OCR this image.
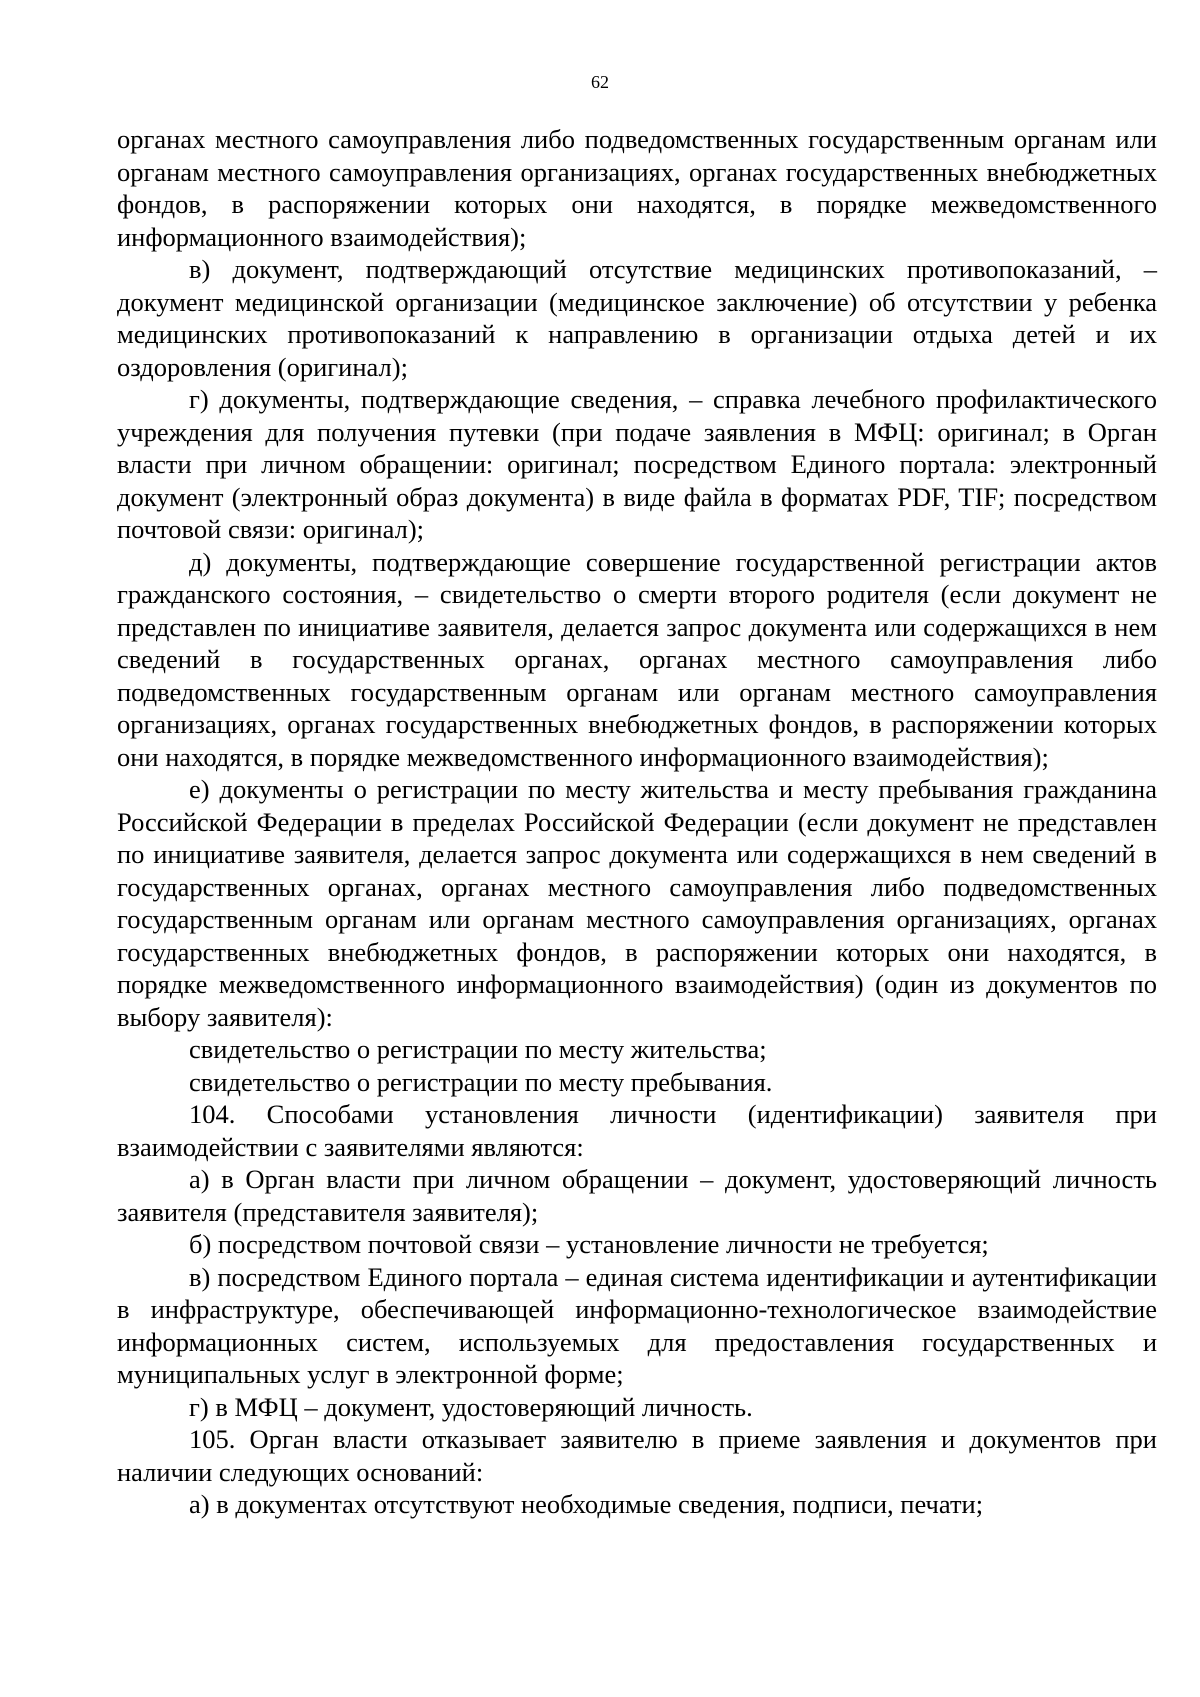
62

органах местного самоуправления либо подведомственных государственным органам или органам местного самоуправления организациях, органах государственных внебюджетных фондов, в распоряжении которых они находятся, в порядке межведомственного информационного взаимодействия);

в) документ, подтверждающий отсутствие медицинских противопоказаний, – документ медицинской организации (медицинское заключение) об отсутствии у ребенка медицинских противопоказаний к направлению в организации отдыха детей и их оздоровления (оригинал);

г) документы, подтверждающие сведения, – справка лечебного профилактического учреждения для получения путевки (при подаче заявления в МФЦ: оригинал; в Орган власти при личном обращении: оригинал; посредством Единого портала: электронный документ (электронный образ документа) в виде файла в форматах PDF, TIF; посредством почтовой связи: оригинал);

д) документы, подтверждающие совершение государственной регистрации актов гражданского состояния, – свидетельство о смерти второго родителя (если документ не представлен по инициативе заявителя, делается запрос документа или содержащихся в нем сведений в государственных органах, органах местного самоуправления либо подведомственных государственным органам или органам местного самоуправления организациях, органах государственных внебюджетных фондов, в распоряжении которых они находятся, в порядке межведомственного информационного взаимодействия);

е) документы о регистрации по месту жительства и месту пребывания гражданина Российской Федерации в пределах Российской Федерации (если документ не представлен по инициативе заявителя, делается запрос документа или содержащихся в нем сведений в государственных органах, органах местного самоуправления либо подведомственных государственным органам или органам местного самоуправления организациях, органах государственных внебюджетных фондов, в распоряжении которых они находятся, в порядке межведомственного информационного взаимодействия) (один из документов по выбору заявителя):

свидетельство о регистрации по месту жительства;

свидетельство о регистрации по месту пребывания.

104. Способами установления личности (идентификации) заявителя при взаимодействии с заявителями являются:

а) в Орган власти при личном обращении – документ, удостоверяющий личность заявителя (представителя заявителя);

б) посредством почтовой связи – установление личности не требуется;

в) посредством Единого портала – единая система идентификации и аутентификации в инфраструктуре, обеспечивающей информационно-технологическое взаимодействие информационных систем, используемых для предоставления государственных и муниципальных услуг в электронной форме;

г) в МФЦ – документ, удостоверяющий личность.

105. Орган власти отказывает заявителю в приеме заявления и документов при наличии следующих оснований:

а) в документах отсутствуют необходимые сведения, подписи, печати;
